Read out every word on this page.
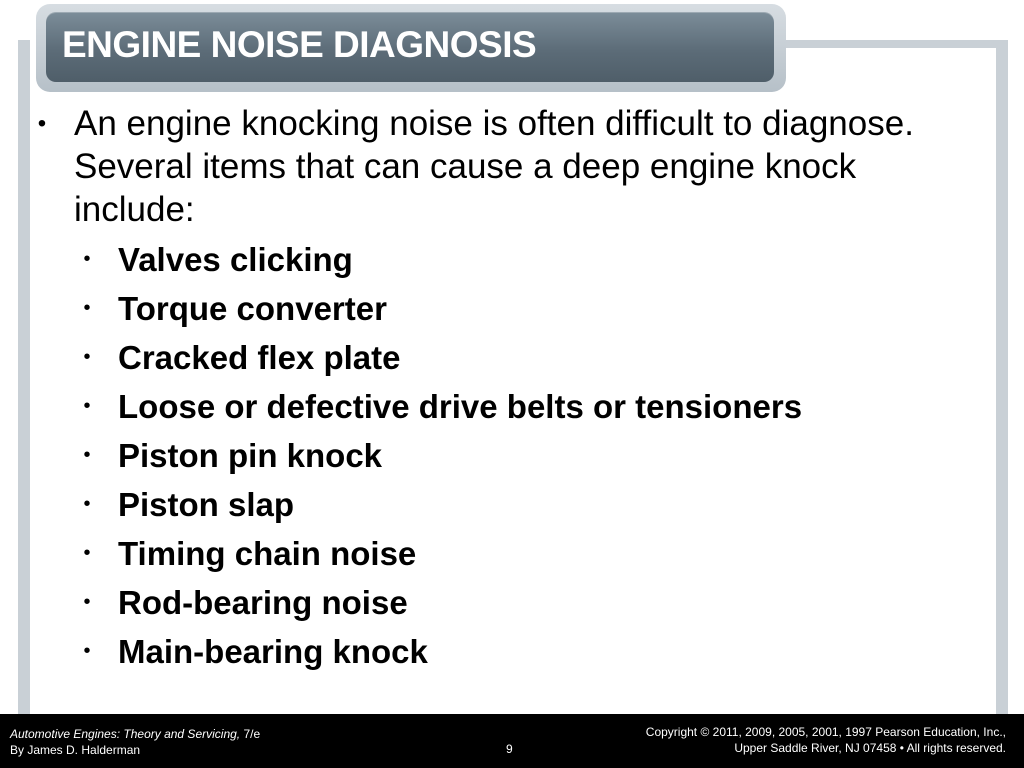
ENGINE NOISE DIAGNOSIS
• An engine knocking noise is often difficult to diagnose. Several items that can cause a deep engine knock include:
• Valves clicking
• Torque converter
• Cracked flex plate
• Loose or defective drive belts or tensioners
• Piston pin knock
• Piston slap
• Timing chain noise
• Rod-bearing noise
• Main-bearing knock
Automotive Engines: Theory and Servicing, 7/e
By James D. Halderman	9
Copyright © 2011, 2009, 2005, 2001, 1997 Pearson Education, Inc.,
Upper Saddle River, NJ 07458 • All rights reserved.
